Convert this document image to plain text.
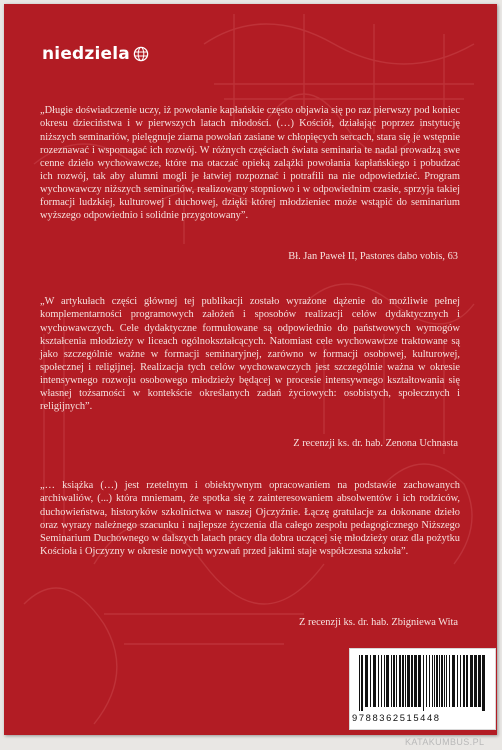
niedziela

„Długie doświadczenie uczy, iż powołanie kapłańskie często objawia się po raz pierwszy pod koniec okresu dzieciństwa i w pierwszych latach młodości. (…) Kościół, działając poprzez instytucję niższych seminariów, pielęgnuje ziarna powołań zasiane w chłopięcych sercach, stara się je wstępnie rozeznawać i wspomagać ich rozwój. W różnych częściach świata seminaria te nadal prowadzą swe cenne dzieło wychowawcze, które ma otaczać opieką zalążki powołania kapłańskiego i pobudzać ich rozwój, tak aby alumni mogli je łatwiej rozpoznać i potrafili na nie odpowiedzieć. Program wychowawczy niższych seminariów, realizowany stopniowo i w odpowiednim czasie, sprzyja takiej formacji ludzkiej, kulturowej i duchowej, dzięki której młodzieniec może wstąpić do seminarium wyższego odpowiednio i solidnie przygotowany”.

Bł. Jan Paweł II, Pastores dabo vobis, 63

„W artykułach części głównej tej publikacji zostało wyrażone dążenie do możliwie pełnej komplementarności programowych założeń i sposobów realizacji celów dydaktycznych i wychowawczych. Cele dydaktyczne formułowane są odpowiednio do państwowych wymogów kształcenia młodzieży w liceach ogólnokształcących. Natomiast cele wychowawcze traktowane są jako szczególnie ważne w formacji seminaryjnej, zarówno w formacji osobowej, kulturowej, społecznej i religijnej. Realizacja tych celów wychowawczych jest szczególnie ważna w okresie intensywnego rozwoju osobowego młodzieży będącej w procesie intensywnego kształtowania się własnej tożsamości w kontekście określanych zadań życiowych: osobistych, społecznych i religijnych”.

Z recenzji ks. dr. hab. Zenona Uchnasta

„… książka (…) jest rzetelnym i obiektywnym opracowaniem na podstawie zachowanych archiwaliów, (...) która mniemam, że spotka się z zainteresowaniem absolwentów i ich rodziców, duchowieństwa, historyków szkolnictwa w naszej Ojczyźnie. Łączę gratulacje za dokonane dzieło oraz wyrazy należnego szacunku i najlepsze życzenia dla całego zespołu pedagogicznego Niższego Seminarium Duchownego w dalszych latach pracy dla dobra uczącej się młodzieży oraz dla pożytku Kościoła i Ojczyzny w okresie nowych wyzwań przed jakimi staje współczesna szkoła”.

Z recenzji ks. dr. hab. Zbigniewa Wita
9788362515448
KATAKUMBUS.PL
